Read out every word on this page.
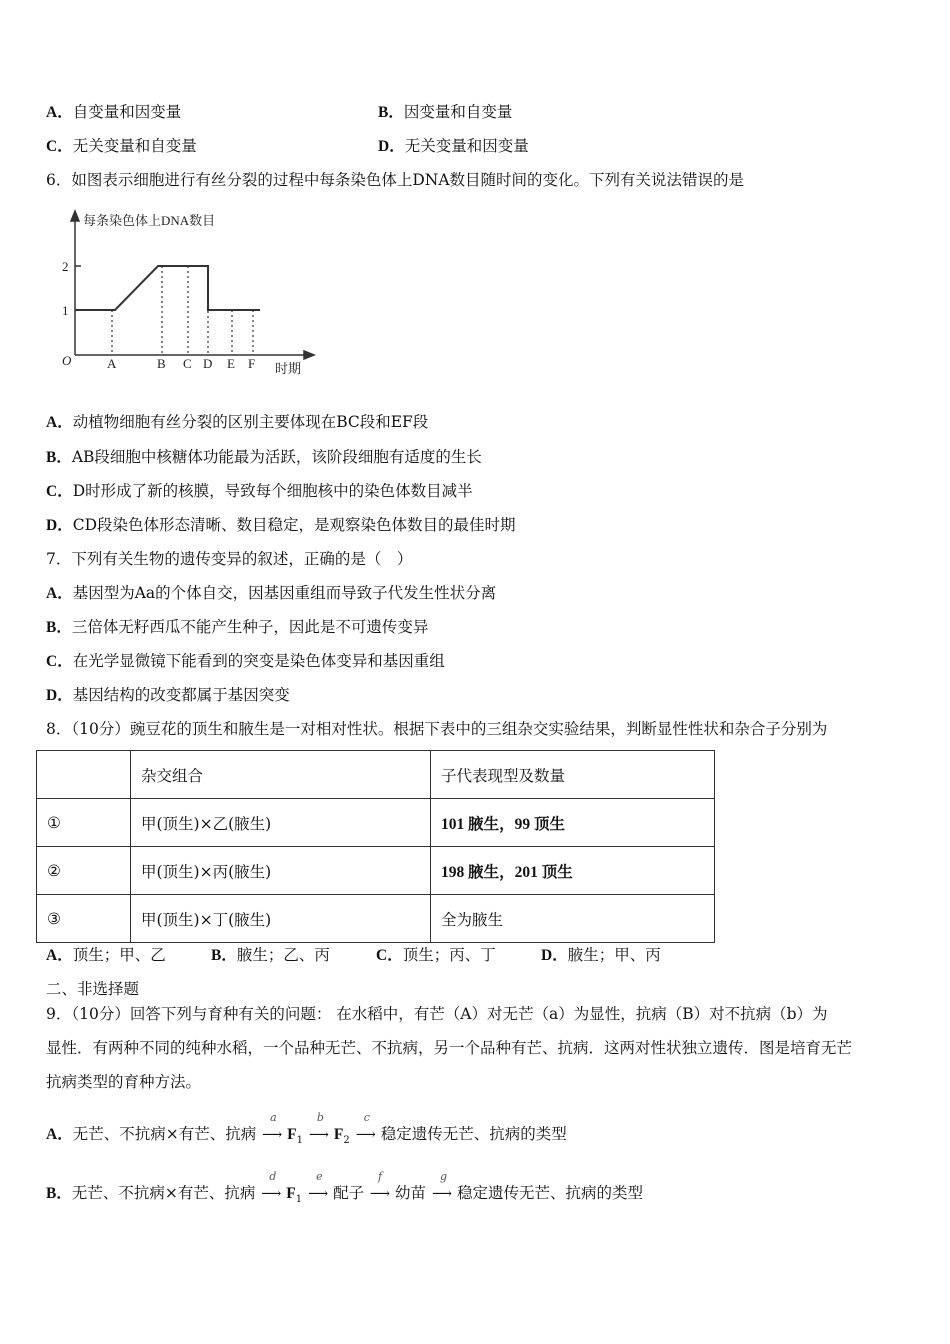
A．自变量和因变量	B．因变量和自变量
C．无关变量和自变量	D．无关变量和因变量
6．如图表示细胞进行有丝分裂的过程中每条染色体上DNA数目随时间的变化。下列有关说法错误的是
每条染色体上DNA数目
2
1
O	A	B C D E F 时期
A．动植物细胞有丝分裂的区别主要体现在BC段和EF段
B．AB段细胞中核糖体功能最为活跃，该阶段细胞有适度的生长
C．D时形成了新的核膜，导致每个细胞核中的染色体数目减半
D．CD段染色体形态清晰、数目稳定，是观察染色体数目的最佳时期
7．下列有关生物的遗传变异的叙述，正确的是（　）
A．基因型为Aa的个体自交，因基因重组而导致子代发生性状分离
B．三倍体无籽西瓜不能产生种子，因此是不可遗传变异
C．在光学显微镜下能看到的突变是染色体变异和基因重组
D．基因结构的改变都属于基因突变
8．（10分）豌豆花的顶生和腋生是一对相对性状。根据下表中的三组杂交实验结果，判断显性性状和杂合子分别为
	杂交组合	子代表现型及数量
①	甲(顶生)×乙(腋生)	101 腋生，99 顶生
②	甲(顶生)×丙(腋生)	198 腋生，201 顶生
③	甲(顶生)×丁(腋生)	全为腋生
A．顶生；甲、乙	B．腋生；乙、丙	C．顶生；丙、丁	D．腋生；甲、丙
二、非选择题
9．（10分）回答下列与育种有关的问题： 在水稻中，有芒（A）对无芒（a）为显性，抗病（B）对不抗病（b）为
显性．有两种不同的纯种水稻，一个品种无芒、不抗病，另一个品种有芒、抗病．这两对性状独立遗传．图是培育无芒
抗病类型的育种方法。
A．无芒、不抗病×有芒、抗病
a
⟶ $F_1$
b
⟶ $F_2$
c
⟶ 稳定遗传无芒、抗病的类型
B．无芒、不抗病×有芒、抗病
d
⟶ $F_1$
e
⟶ 配子
f
⟶ 幼苗
g
⟶ 稳定遗传无芒、抗病的类型
